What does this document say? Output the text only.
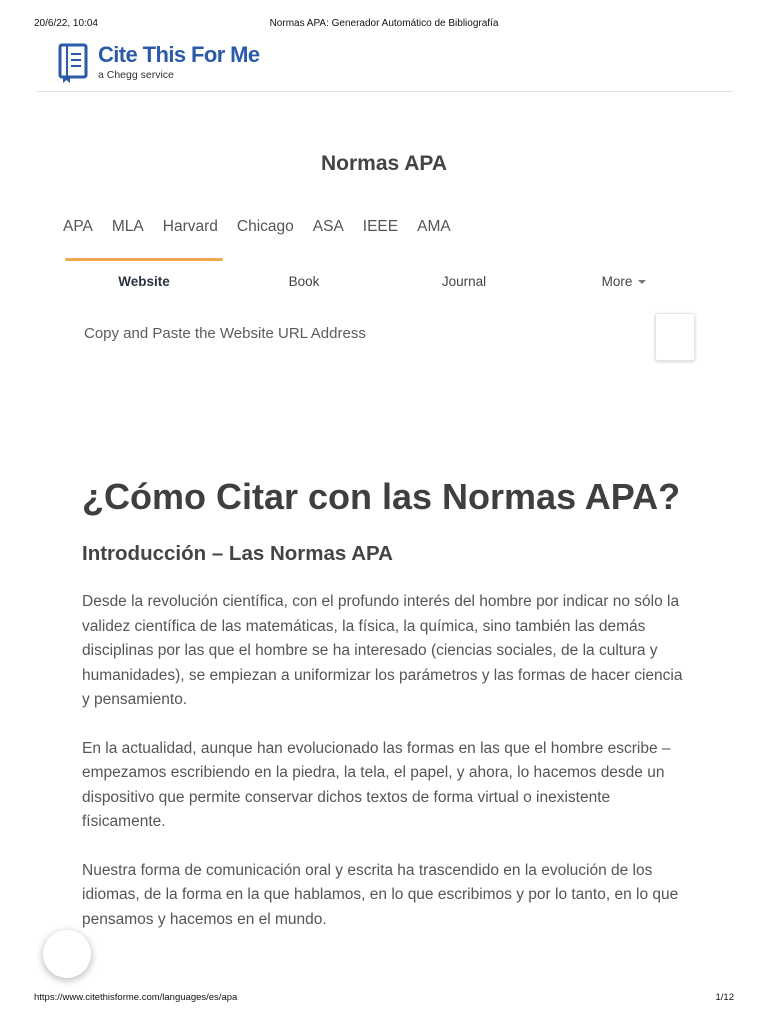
20/6/22, 10:04	Normas APA: Generador Automático de Bibliografía
Cite This For Me
a Chegg service
Normas APA
APA MLA Harvard Chicago ASA IEEE AMA
Website	Book	Journal	More
Copy and Paste the Website URL Address
¿Cómo Citar con las Normas APA?
Introducción – Las Normas APA

Desde la revolución científica, con el profundo interés del hombre por indicar no sólo la validez científica de las matemáticas, la física, la química, sino también las demás disciplinas por las que el hombre se ha interesado (ciencias sociales, de la cultura y humanidades), se empiezan a uniformizar los parámetros y las formas de hacer ciencia y pensamiento.

En la actualidad, aunque han evolucionado las formas en las que el hombre escribe –empezamos escribiendo en la piedra, la tela, el papel, y ahora, lo hacemos desde un dispositivo que permite conservar dichos textos de forma virtual o inexistente físicamente.

Nuestra forma de comunicación oral y escrita ha trascendido en la evolución de los idiomas, de la forma en la que hablamos, en lo que escribimos y por lo tanto, en lo que pensamos y hacemos en el mundo.

https://www.citethisforme.com/languages/es/apa	1/12
